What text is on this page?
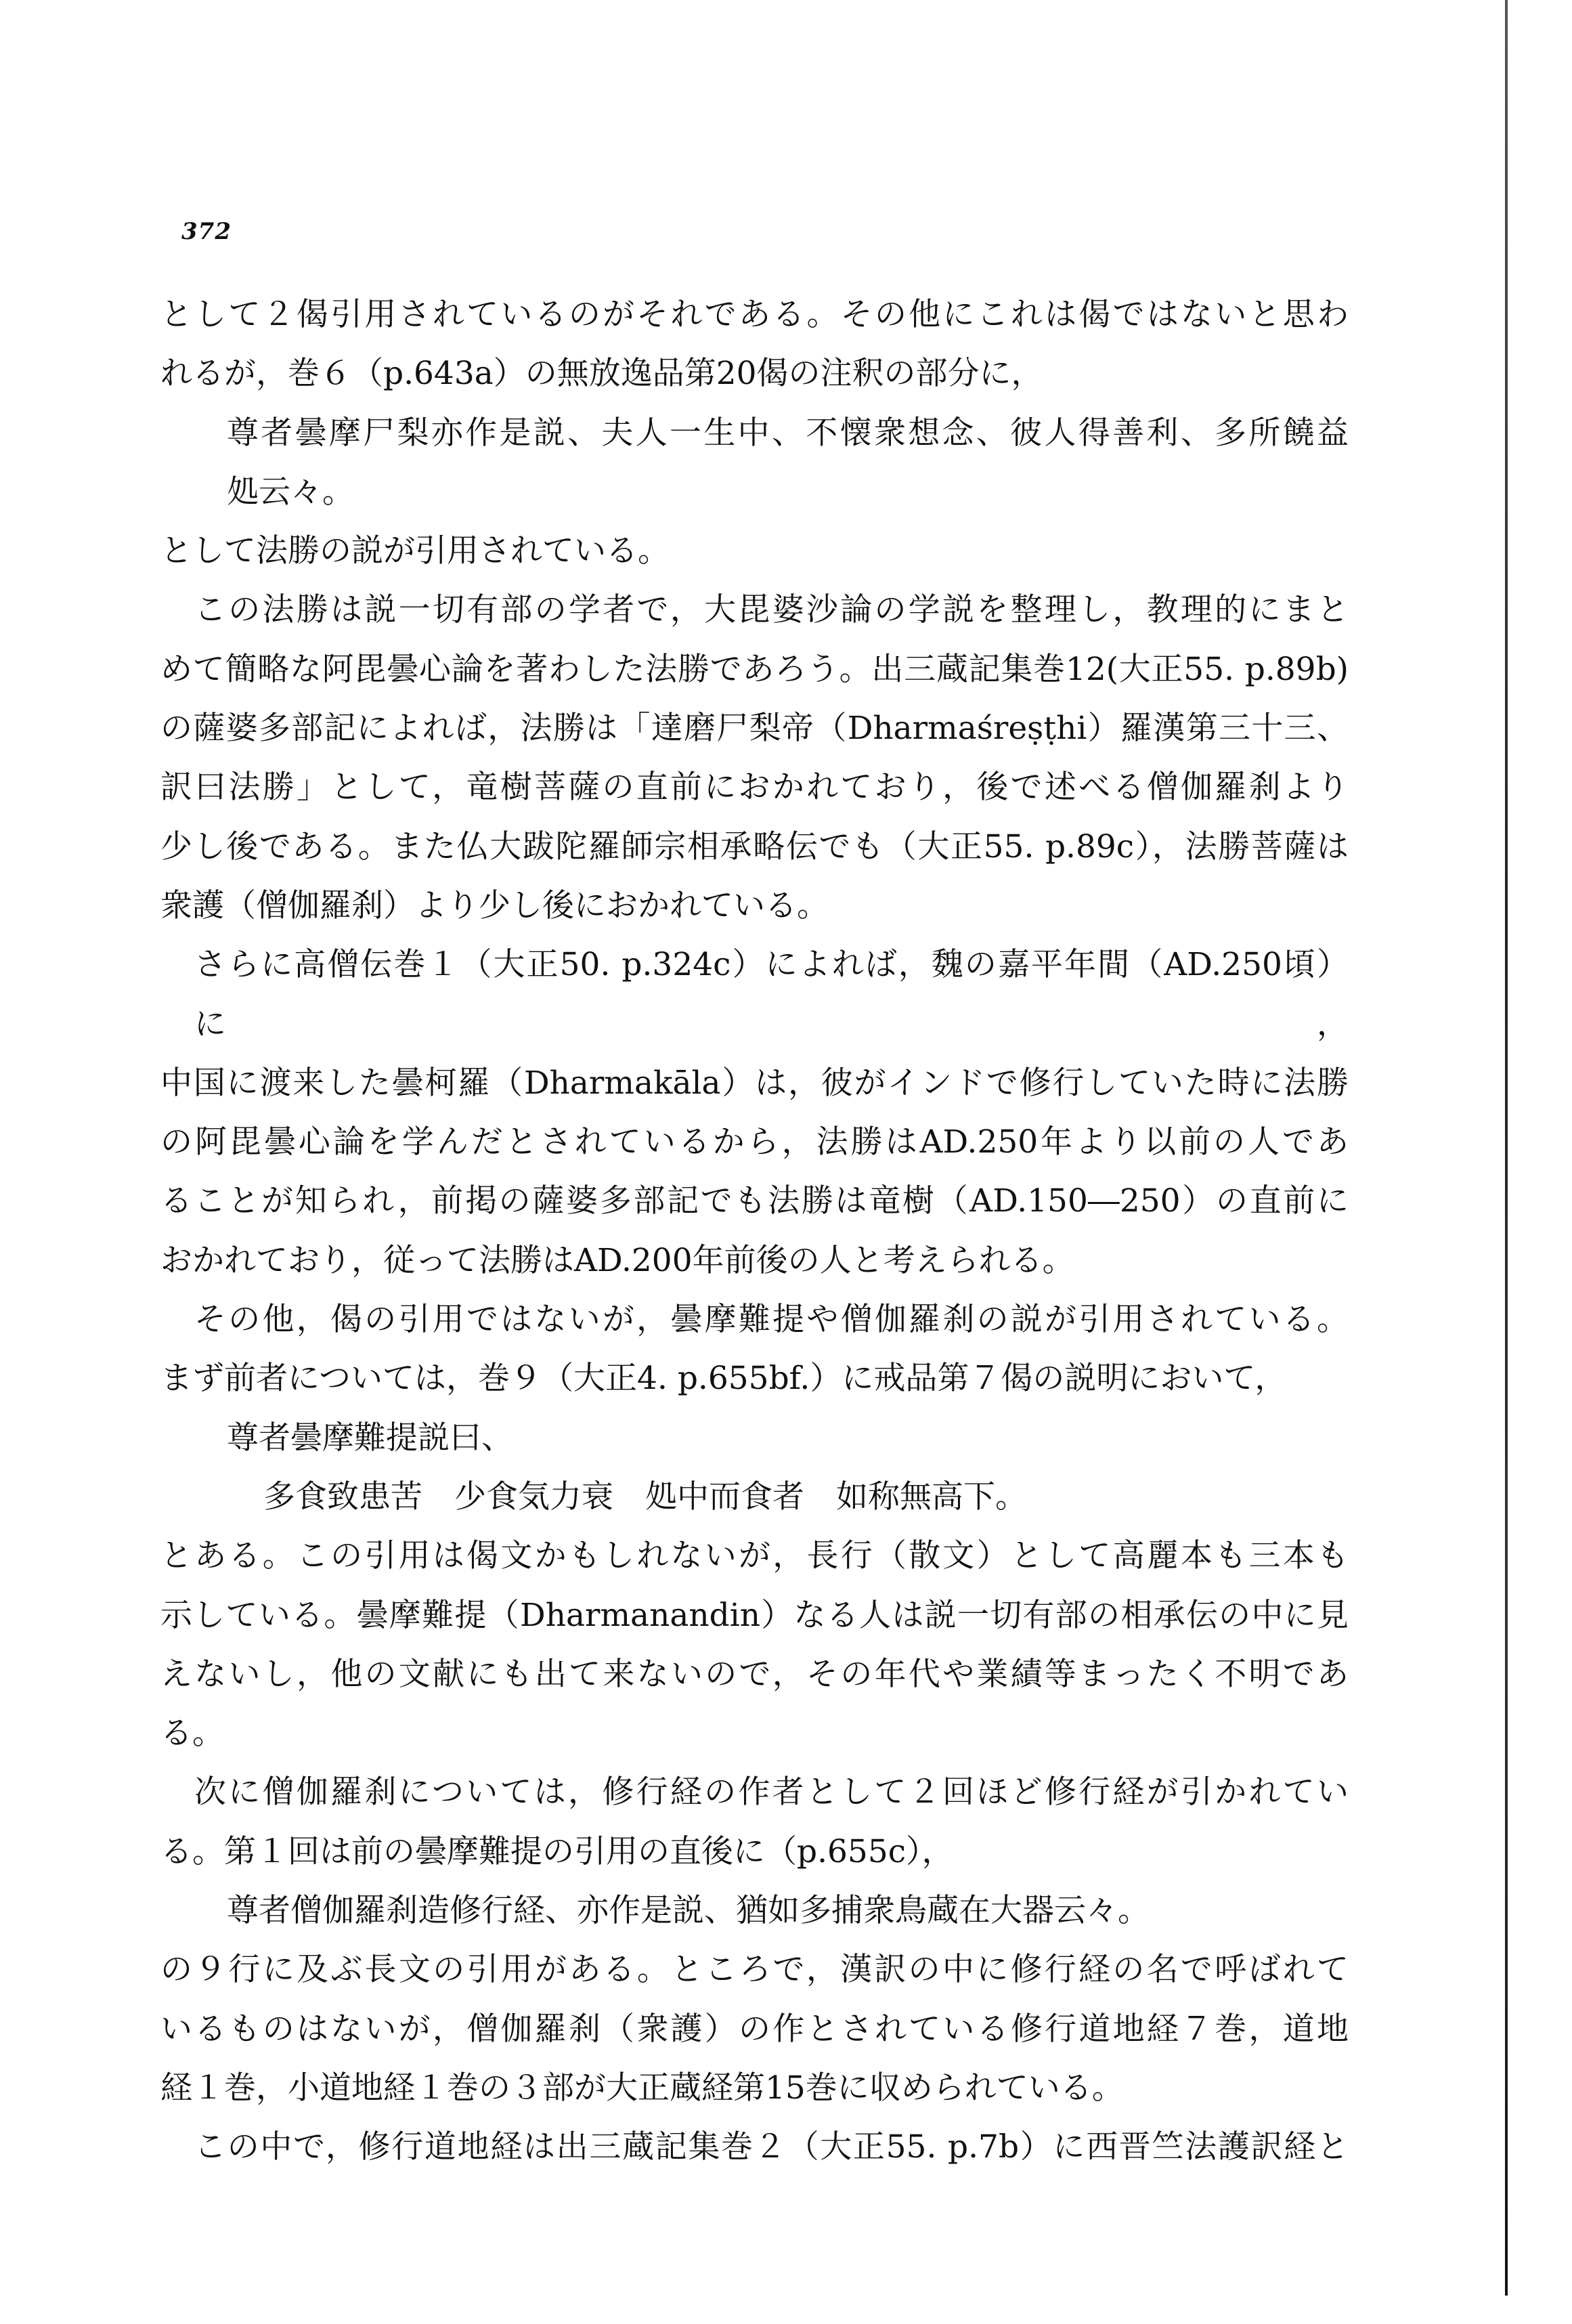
372
として２偈引用されているのがそれである。その他にこれは偈ではないと思わ
れるが，巻６（p.643a）の無放逸品第20偈の注釈の部分に，
尊者曇摩尸梨亦作是説、夫人一生中、不懐衆想念、彼人得善利、多所饒益
処云々。
として法勝の説が引用されている。
この法勝は説一切有部の学者で，大毘婆沙論の学説を整理し，教理的にまと
めて簡略な阿毘曇心論を著わした法勝であろう。出三蔵記集巻12(大正55. p.89b)
の薩婆多部記によれば，法勝は「達磨尸梨帝（Dharmaśreṣṭhi）羅漢第三十三、
訳曰法勝」として，竜樹菩薩の直前におかれており，後で述べる僧伽羅刹より
少し後である。また仏大跋陀羅師宗相承略伝でも（大正55. p.89c），法勝菩薩は
衆護（僧伽羅刹）より少し後におかれている。
さらに高僧伝巻１（大正50. p.324c）によれば，魏の嘉平年間（AD.250頃）に，
中国に渡来した曇柯羅（Dharmakāla）は，彼がインドで修行していた時に法勝
の阿毘曇心論を学んだとされているから，法勝はAD.250年より以前の人であ
ることが知られ，前掲の薩婆多部記でも法勝は竜樹（AD.150―250）の直前に
おかれており，従って法勝はAD.200年前後の人と考えられる。
その他，偈の引用ではないが，曇摩難提や僧伽羅刹の説が引用されている。
まず前者については，巻９（大正4. p.655bf.）に戒品第７偈の説明において，
尊者曇摩難提説曰、
多食致患苦　少食気力衰　処中而食者　如称無高下。
とある。この引用は偈文かもしれないが，長行（散文）として高麗本も三本も
示している。曇摩難提（Dharmanandin）なる人は説一切有部の相承伝の中に見
えないし，他の文献にも出て来ないので，その年代や業績等まったく不明であ
る。
次に僧伽羅刹については，修行経の作者として２回ほど修行経が引かれてい
る。第１回は前の曇摩難提の引用の直後に（p.655c），
尊者僧伽羅刹造修行経、亦作是説、猶如多捕衆鳥蔵在大器云々。
の９行に及ぶ長文の引用がある。ところで，漢訳の中に修行経の名で呼ばれて
いるものはないが，僧伽羅刹（衆護）の作とされている修行道地経７巻，道地
経１巻，小道地経１巻の３部が大正蔵経第15巻に収められている。
この中で，修行道地経は出三蔵記集巻２（大正55. p.7b）に西晋竺法護訳経と
